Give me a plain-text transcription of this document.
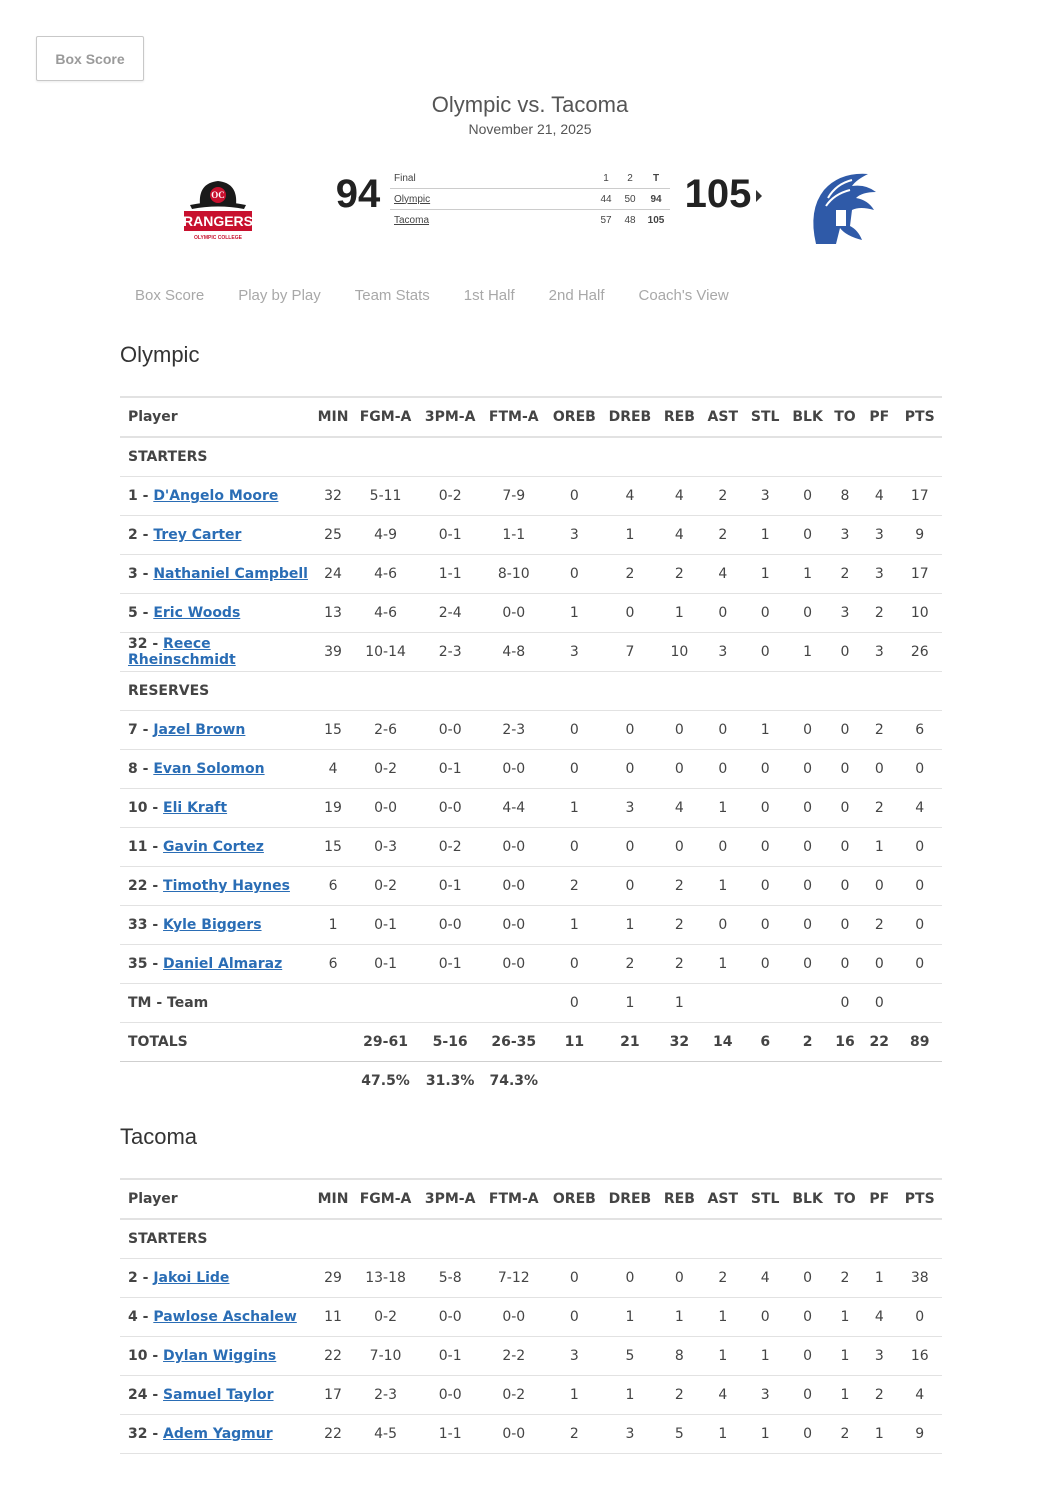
Box Score
Olympic vs. Tacoma
November 21, 2025
OC
RANGERS
OLYMPIC COLLEGE
94	Final	1	2	T
Olympic	44	50	94
Tacoma	57	48	105
105
Box Score	Play by Play	Team Stats	1st Half	2nd Half	Coach's View
Olympic
Player	MIN	FGM-A	3PM-A	FTM-A	OREB	DREB	REB	AST	STL	BLK	TO	PF	PTS
STARTERS													
1 - D'Angelo Moore	32	5-11	0-2	7-9	0	4	4	2	3	0	8	4	17
2 - Trey Carter	25	4-9	0-1	1-1	3	1	4	2	1	0	3	3	9
3 - Nathaniel Campbell	24	4-6	1-1	8-10	0	2	2	4	1	1	2	3	17
5 - Eric Woods	13	4-6	2-4	0-0	1	0	1	0	0	0	3	2	10
32 - Reece Rheinschmidt	39	10-14	2-3	4-8	3	7	10	3	0	1	0	3	26
RESERVES													
7 - Jazel Brown	15	2-6	0-0	2-3	0	0	0	0	1	0	0	2	6
8 - Evan Solomon	4	0-2	0-1	0-0	0	0	0	0	0	0	0	0	0
10 - Eli Kraft	19	0-0	0-0	4-4	1	3	4	1	0	0	0	2	4
11 - Gavin Cortez	15	0-3	0-2	0-0	0	0	0	0	0	0	0	1	0
22 - Timothy Haynes	6	0-2	0-1	0-0	2	0	2	1	0	0	0	0	0
33 - Kyle Biggers	1	0-1	0-0	0-0	1	1	2	0	0	0	0	2	0
35 - Daniel Almaraz	6	0-1	0-1	0-0	0	2	2	1	0	0	0	0	0
TM - Team					0	1	1				0	0	
TOTALS		29-61	5-16	26-35	11	21	32	14	6	2	16	22	89
		47.5%	31.3%	74.3%									
Tacoma
Player	MIN	FGM-A	3PM-A	FTM-A	OREB	DREB	REB	AST	STL	BLK	TO	PF	PTS
STARTERS													
2 - Jakoi Lide	29	13-18	5-8	7-12	0	0	0	2	4	0	2	1	38
4 - Pawlose Aschalew	11	0-2	0-0	0-0	0	1	1	1	0	0	1	4	0
10 - Dylan Wiggins	22	7-10	0-1	2-2	3	5	8	1	1	0	1	3	16
24 - Samuel Taylor	17	2-3	0-0	0-2	1	1	2	4	3	0	1	2	4
32 - Adem Yagmur	22	4-5	1-1	0-0	2	3	5	1	1	0	2	1	9
